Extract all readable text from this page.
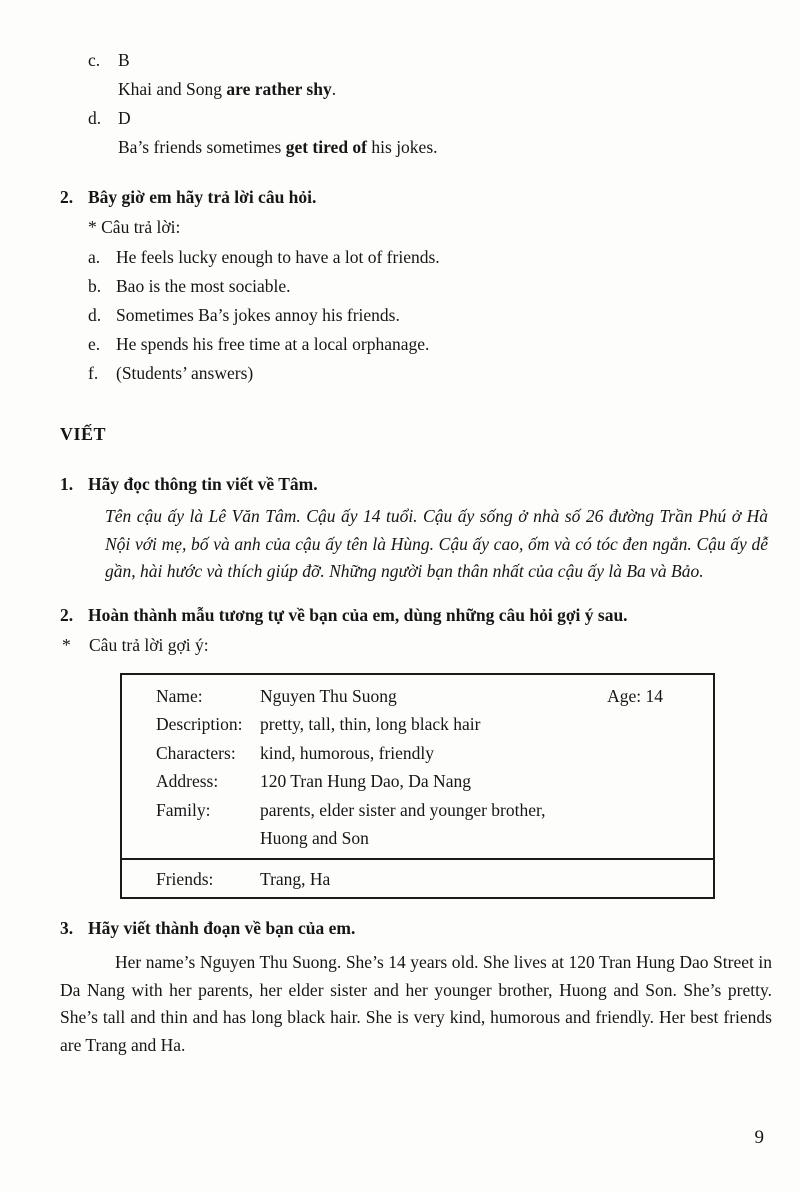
c.	B
Khai and Song are rather shy.
d. D
Ba’s friends sometimes get tired of his jokes.
2. Bây giờ em hãy trả lời câu hỏi.
* Câu trả lời:
a. He feels lucky enough to have a lot of friends.
b. Bao is the most sociable.
d. Sometimes Ba’s jokes annoy his friends.
e. He spends his free time at a local orphanage.
f.	(Students’ answers)
VIẾT
1. Hãy đọc thông tin viết về Tâm.
Tên cậu ấy là Lê Văn Tâm. Cậu ấy 14 tuổi. Cậu ấy sống ở nhà số 26 đường Trần Phú ở Hà Nội với mẹ, bố và anh của cậu ấy tên là Hùng. Cậu ấy cao, ốm và có tóc đen ngắn. Cậu ấy dễ gần, hài hước và thích giúp đỡ. Những người bạn thân nhất của cậu ấy là Ba và Bảo.
2. Hoàn thành mẫu tương tự về bạn của em, dùng những câu hỏi gợi ý sau.
*	Câu trả lời gợi ý:
Name:	Nguyen Thu Suong	Age: 14
Description: pretty, tall, thin, long black hair
Characters:	kind, humorous, friendly
Address:	120 Tran Hung Dao, Da Nang
Family:	parents, elder sister and younger brother,
Huong and Son
Friends:	Trang, Ha
3. Hãy viết thành đoạn về bạn của em.
Her name’s Nguyen Thu Suong. She’s 14 years old. She lives at 120 Tran Hung Dao Street in Da Nang with her parents, her elder sister and her younger brother, Huong and Son. She’s pretty. She’s tall and thin and has long black hair. She is very kind, humorous and friendly. Her best friends are Trang and Ha.
9
